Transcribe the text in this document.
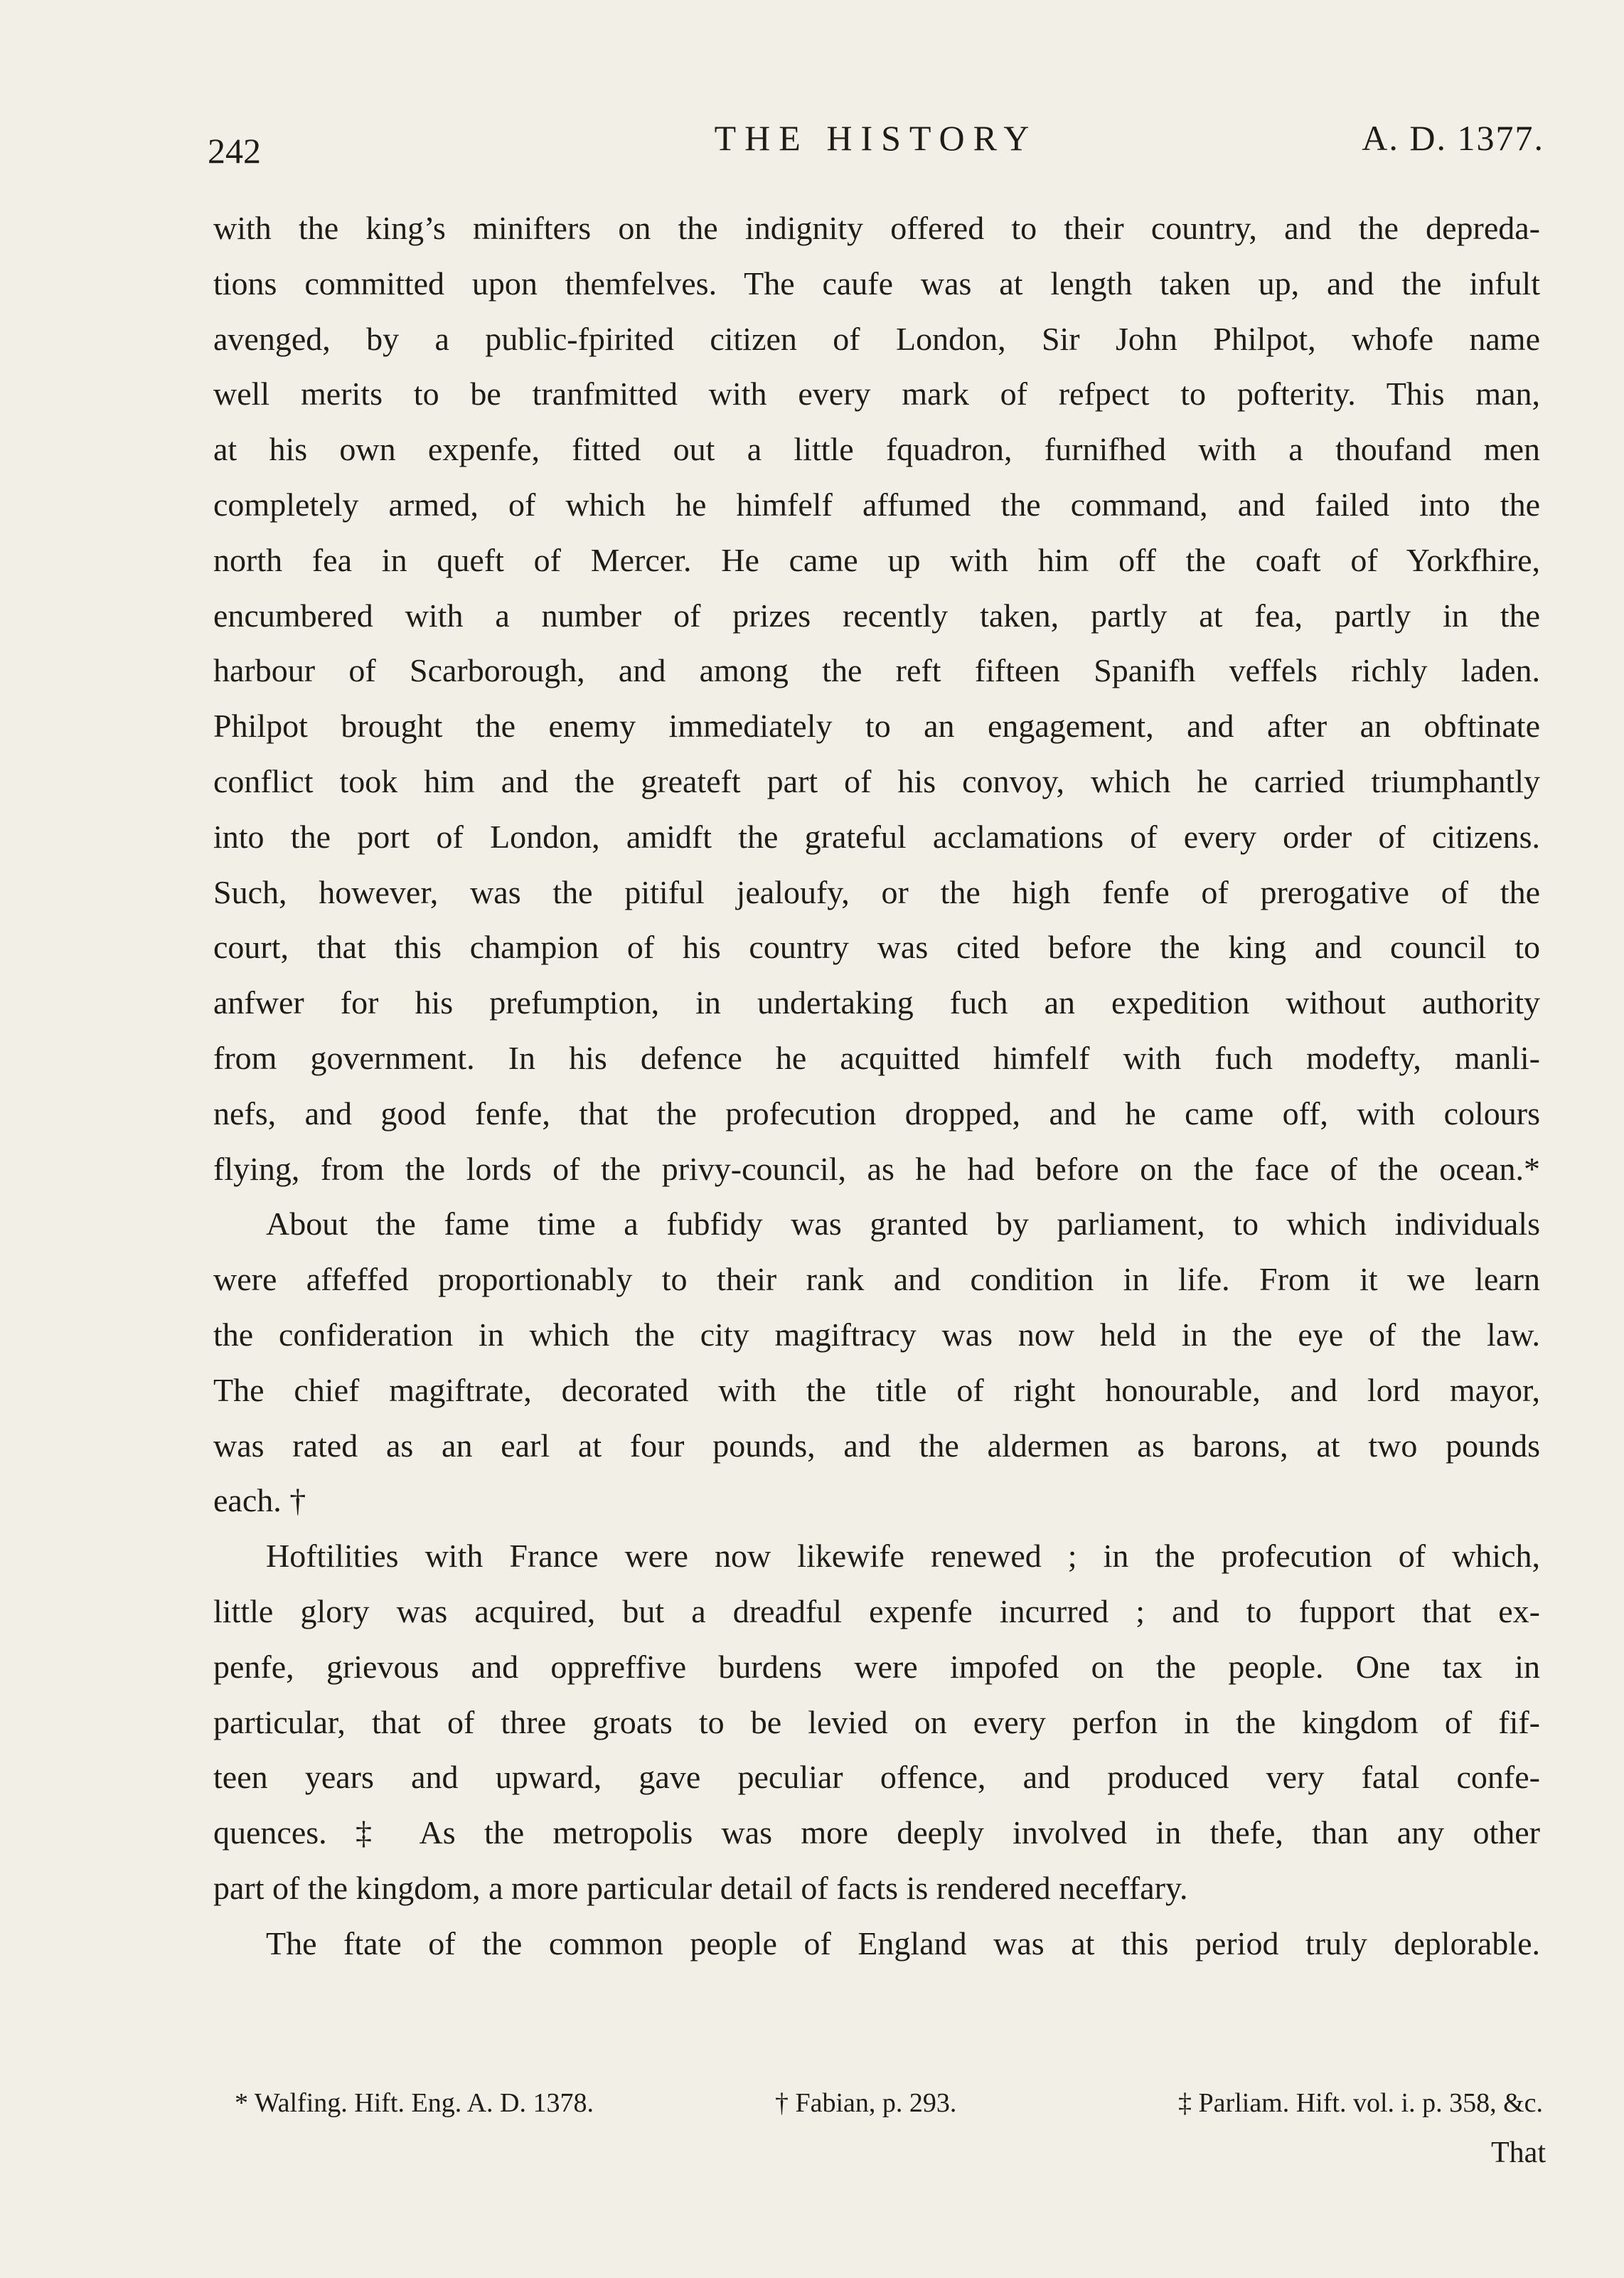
242	THE HISTORY	A. D. 1377.
with the king’s minifters on the indignity offered to their country, and the depreda-
tions committed upon themfelves. The caufe was at length taken up, and the infult
avenged, by a public-fpirited citizen of London, Sir John Philpot, whofe name
well merits to be tranfmitted with every mark of refpect to pofterity. This man,
at his own expenfe, fitted out a little fquadron, furnifhed with a thoufand men
completely armed, of which he himfelf affumed the command, and failed into the
north fea in queft of Mercer. He came up with him off the coaft of Yorkfhire,
encumbered with a number of prizes recently taken, partly at fea, partly in the
harbour of Scarborough, and among the reft fifteen Spanifh veffels richly laden.
Philpot brought the enemy immediately to an engagement, and after an obftinate
conflict took him and the greateft part of his convoy, which he carried triumphantly
into the port of London, amidft the grateful acclamations of every order of citizens.
Such, however, was the pitiful jealoufy, or the high fenfe of prerogative of the
court, that this champion of his country was cited before the king and council to
anfwer for his prefumption, in undertaking fuch an expedition without authority
from government. In his defence he acquitted himfelf with fuch modefty, manli-
nefs, and good fenfe, that the profecution dropped, and he came off, with colours
flying, from the lords of the privy-council, as he had before on the face of the ocean.*
About the fame time a fubfidy was granted by parliament, to which individuals
were affeffed proportionably to their rank and condition in life. From it we learn
the confideration in which the city magiftracy was now held in the eye of the law.
The chief magiftrate, decorated with the title of right honourable, and lord mayor,
was rated as an earl at four pounds, and the aldermen as barons, at two pounds
each. †
Hoftilities with France were now likewife renewed ; in the profecution of which,
little glory was acquired, but a dreadful expenfe incurred ; and to fupport that ex-
penfe, grievous and oppreffive burdens were impofed on the people. One tax in
particular, that of three groats to be levied on every perfon in the kingdom of fif-
teen years and upward, gave peculiar offence, and produced very fatal confe-
quences. ‡ As the metropolis was more deeply involved in thefe, than any other
part of the kingdom, a more particular detail of facts is rendered neceffary.
The ftate of the common people of England was at this period truly deplorable.
* Walfing. Hift. Eng. A. D. 1378.	† Fabian, p. 293.	‡ Parliam. Hift. vol. i. p. 358, &c.
That
